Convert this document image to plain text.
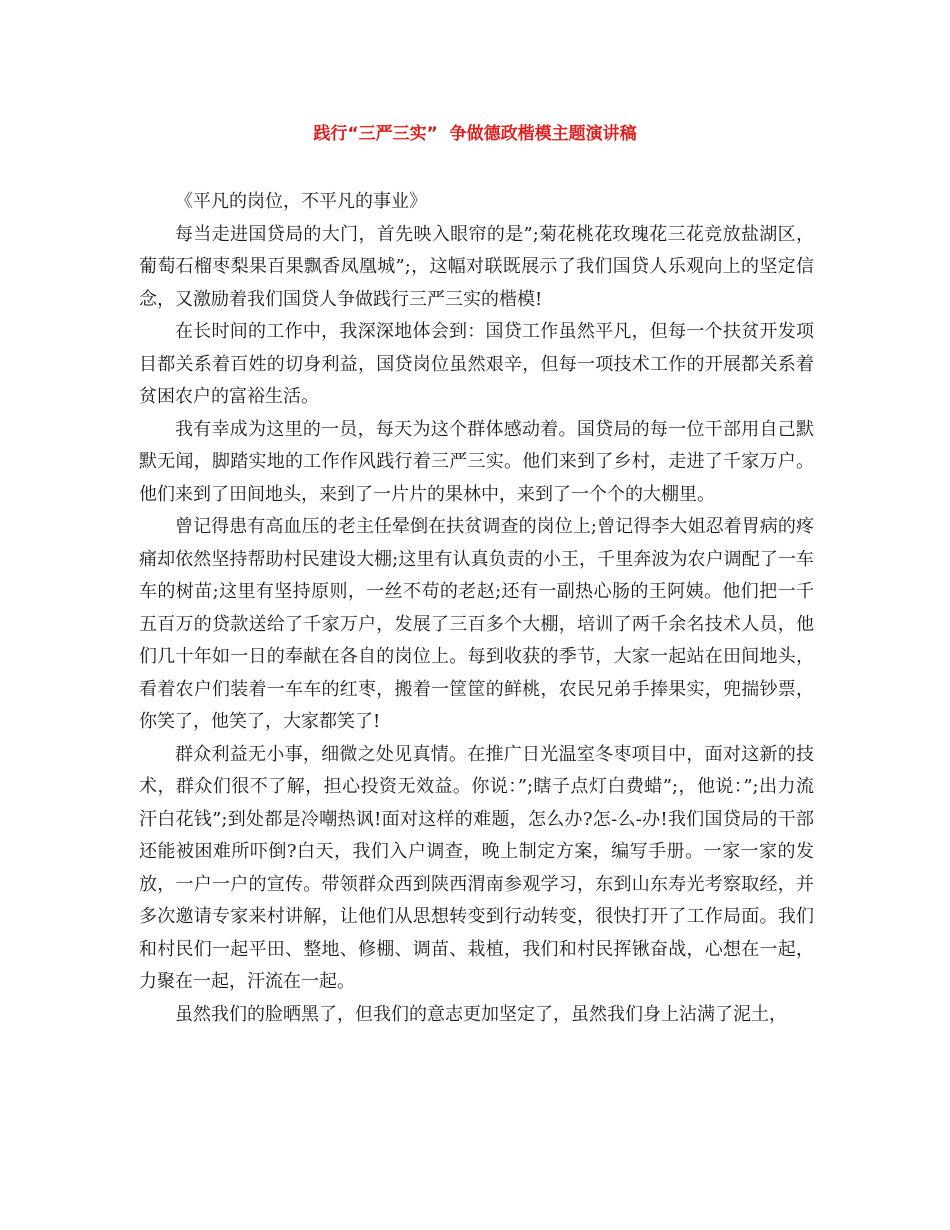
践行“三严三实”  争做德政楷模主题演讲稿

《平凡的岗位，不平凡的事业》

每当走进国贷局的大门，首先映入眼帘的是”;菊花桃花玫瑰花三花竞放盐湖区，葡萄石榴枣梨果百果飘香凤凰城”;，这幅对联既展示了我们国贷人乐观向上的坚定信念，又激励着我们国贷人争做践行三严三实的楷模!

在长时间的工作中，我深深地体会到：国贷工作虽然平凡，但每一个扶贫开发项目都关系着百姓的切身利益，国贷岗位虽然艰辛，但每一项技术工作的开展都关系着贫困农户的富裕生活。

我有幸成为这里的一员，每天为这个群体感动着。国贷局的每一位干部用自己默默无闻，脚踏实地的工作作风践行着三严三实。他们来到了乡村，走进了千家万户。他们来到了田间地头，来到了一片片的果林中，来到了一个个的大棚里。

曾记得患有高血压的老主任晕倒在扶贫调查的岗位上;曾记得李大姐忍着胃病的疼痛却依然坚持帮助村民建设大棚;这里有认真负责的小王，千里奔波为农户调配了一车车的树苗;这里有坚持原则，一丝不苟的老赵;还有一副热心肠的王阿姨。他们把一千五百万的贷款送给了千家万户，发展了三百多个大棚，培训了两千余名技术人员，他们几十年如一日的奉献在各自的岗位上。每到收获的季节，大家一起站在田间地头，看着农户们装着一车车的红枣，搬着一筐筐的鲜桃，农民兄弟手捧果实，兜揣钞票，你笑了，他笑了，大家都笑了!

群众利益无小事，细微之处见真情。在推广日光温室冬枣项目中，面对这新的技术，群众们很不了解，担心投资无效益。你说：”;瞎子点灯白费蜡”;，他说：”;出力流汗白花钱”;到处都是冷嘲热讽!面对这样的难题，怎么办?怎-么-办!我们国贷局的干部还能被困难所吓倒?白天，我们入户调查，晚上制定方案，编写手册。一家一家的发放，一户一户的宣传。带领群众西到陕西渭南参观学习，东到山东寿光考察取经，并多次邀请专家来村讲解，让他们从思想转变到行动转变，很快打开了工作局面。我们和村民们一起平田、整地、修棚、调苗、栽植，我们和村民挥锹奋战，心想在一起，力聚在一起，汗流在一起。

虽然我们的脸晒黑了，但我们的意志更加坚定了，虽然我们身上沾满了泥土，
